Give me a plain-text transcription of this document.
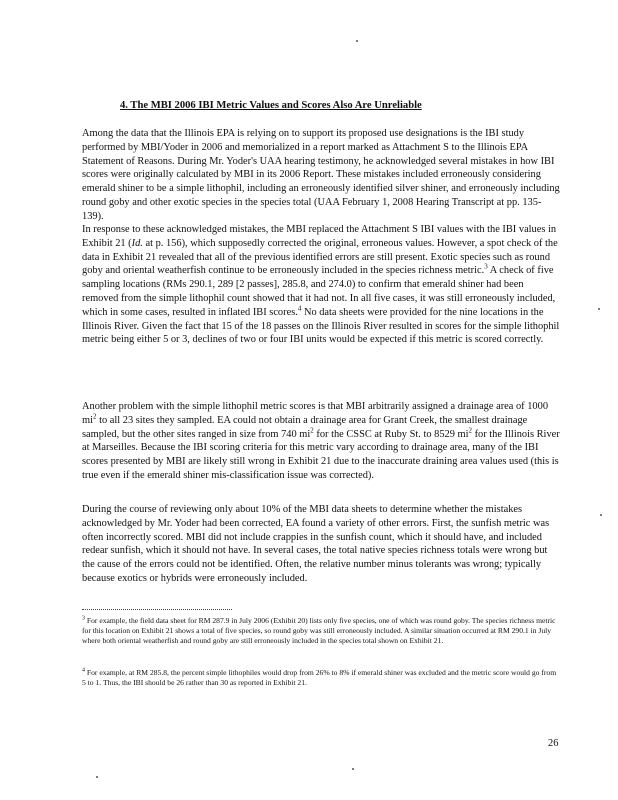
4. The MBI 2006 IBI Metric Values and Scores Also Are Unreliable

Among the data that the Illinois EPA is relying on to support its proposed use designations is the IBI study performed by MBI/Yoder in 2006 and memorialized in a report marked as Attachment S to the Illinois EPA Statement of Reasons. During Mr. Yoder's UAA hearing testimony, he acknowledged several mistakes in how IBI scores were originally calculated by MBI in its 2006 Report. These mistakes included erroneously considering emerald shiner to be a simple lithophil, including an erroneously identified silver shiner, and erroneously including round goby and other exotic species in the species total (UAA February 1, 2008 Hearing Transcript at pp. 135-139).

In response to these acknowledged mistakes, the MBI replaced the Attachment S IBI values with the IBI values in Exhibit 21 (Id. at p. 156), which supposedly corrected the original, erroneous values. However, a spot check of the data in Exhibit 21 revealed that all of the previous identified errors are still present. Exotic species such as round goby and oriental weatherfish continue to be erroneously included in the species richness metric.$^3$ A check of five sampling locations (RMs 290.1, 289 [2 passes], 285.8, and 274.0) to confirm that emerald shiner had been removed from the simple lithophil count showed that it had not. In all five cases, it was still erroneously included, which in some cases, resulted in inflated IBI scores.$^4$ No data sheets were provided for the nine locations in the Illinois River. Given the fact that 15 of the 18 passes on the Illinois River resulted in scores for the simple lithophil metric being either 5 or 3, declines of two or four IBI units would be expected if this metric is scored correctly.

Another problem with the simple lithophil metric scores is that MBI arbitrarily assigned a drainage area of 1000 $mi^2$ to all 23 sites they sampled. EA could not obtain a drainage area for Grant Creek, the smallest drainage sampled, but the other sites ranged in size from 740 $mi^2$ for the CSSC at Ruby St. to 8529 $mi^2$ for the Illinois River at Marseilles. Because the IBI scoring criteria for this metric vary according to drainage area, many of the IBI scores presented by MBI are likely still wrong in Exhibit 21 due to the inaccurate draining area values used (this is true even if the emerald shiner mis-classification issue was corrected).

During the course of reviewing only about 10% of the MBI data sheets to determine whether the mistakes acknowledged by Mr. Yoder had been corrected, EA found a variety of other errors. First, the sunfish metric was often incorrectly scored. MBI did not include crappies in the sunfish count, which it should have, and included redear sunfish, which it should not have. In several cases, the total native species richness totals were wrong but the cause of the errors could not be identified. Often, the relative number minus tolerants was wrong; typically because exotics or hybrids were erroneously included.

$^3$ For example, the field data sheet for RM 287.9 in July 2006 (Exhibit 20) lists only five species, one of which was round goby. The species richness metric for this location on Exhibit 21 shows a total of five species, so round goby was still erroneously included. A similar situation occurred at RM 290.1 in July where both oriental weatherfish and round goby are still erroneously included in the species total shown on Exhibit 21.

$^4$ For example, at RM 285.8, the percent simple lithophiles would drop from 26% to 8% if emerald shiner was excluded and the metric score would go from 5 to 1. Thus, the IBI should be 26 rather than 30 as reported in Exhibit 21.

26
